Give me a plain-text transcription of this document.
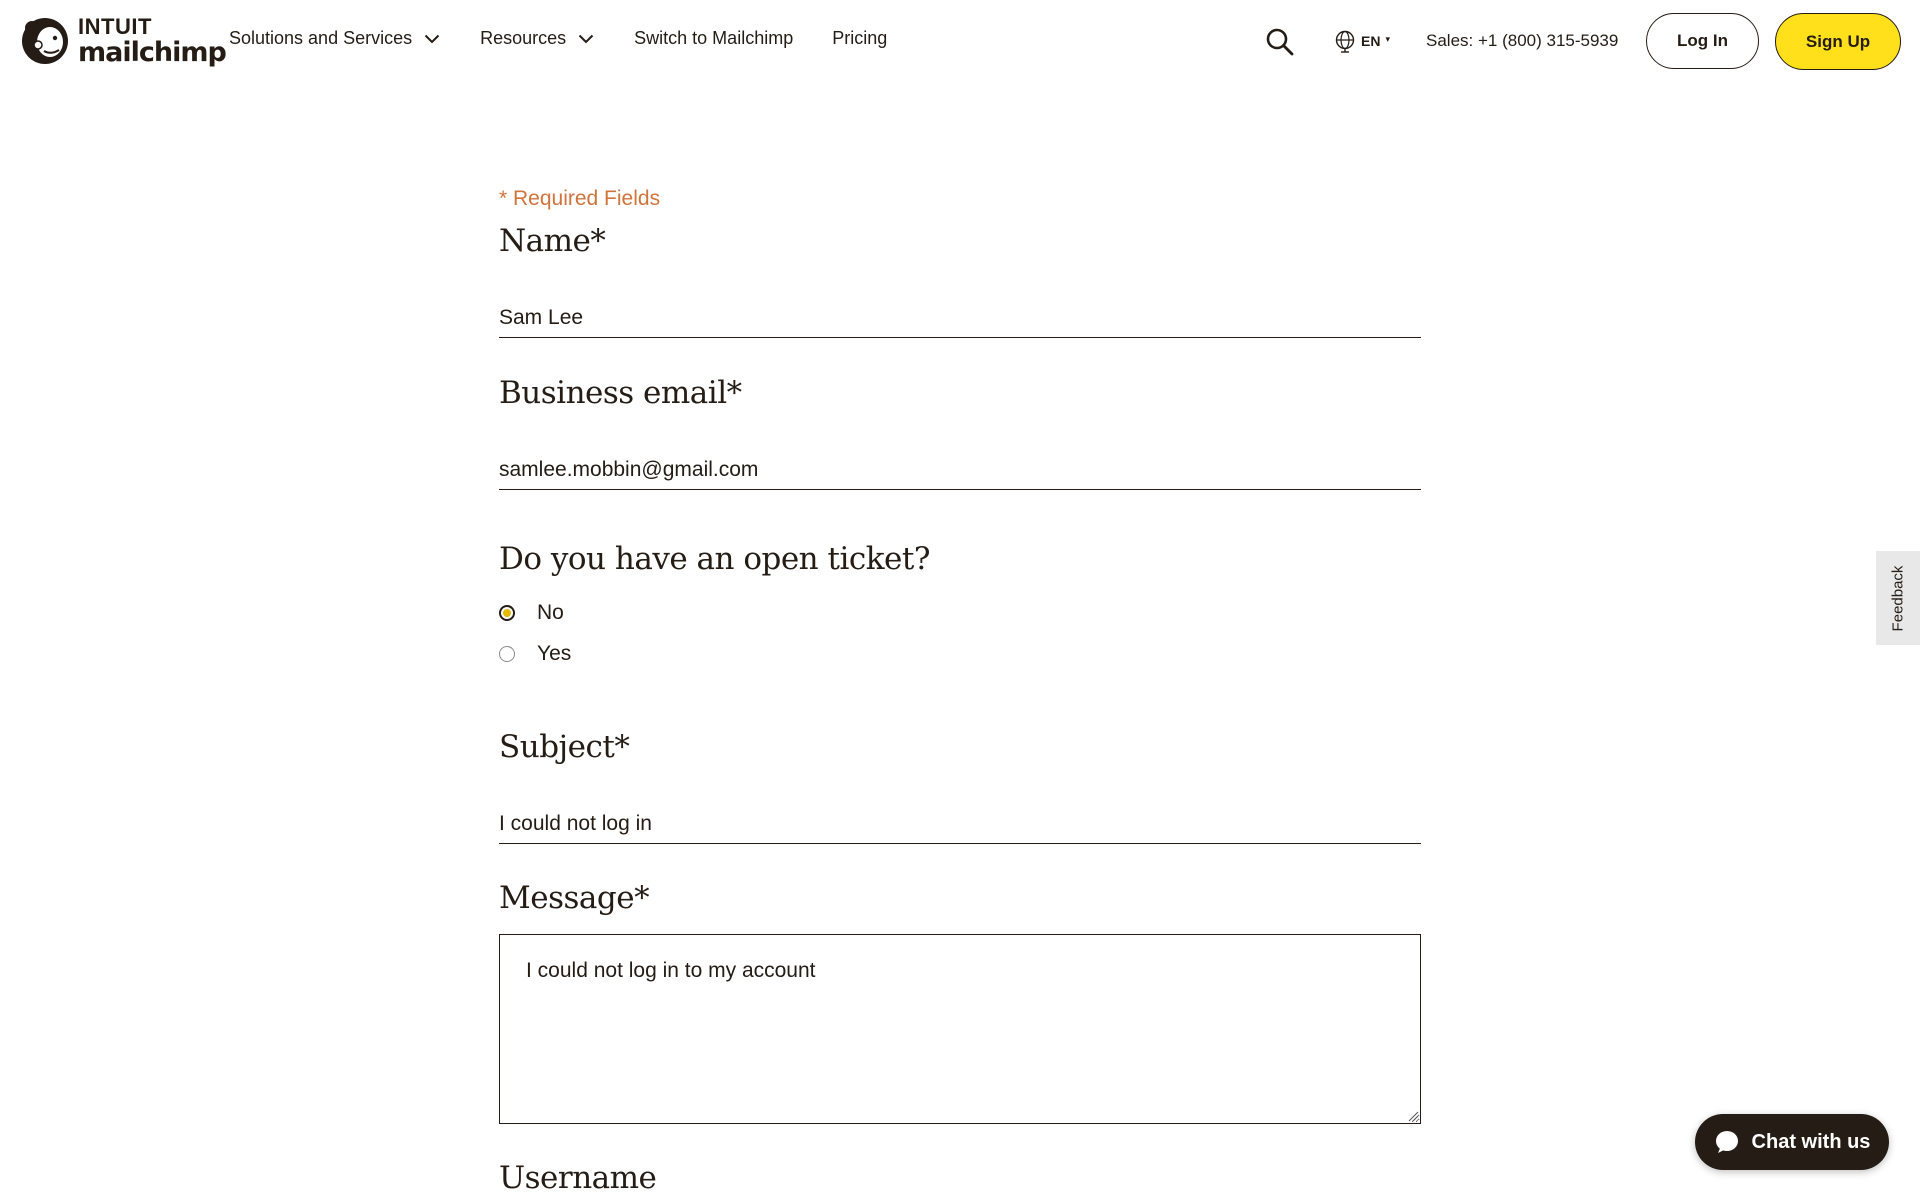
INTUIT
mailchimp Solutions and Services	Resources	Switch to Mailchimp Pricing	EN ▾ Sales: +1 (800) 315-5939	Log In	Sign Up
* Required Fields
Name*
Sam Lee
Business email*
samlee.mobbin@gmail.com
Do you have an open ticket?
No
Yes
Subject*
I could not log in
Message*
I could not log in to my account
Username
Feedback
Chat with us
